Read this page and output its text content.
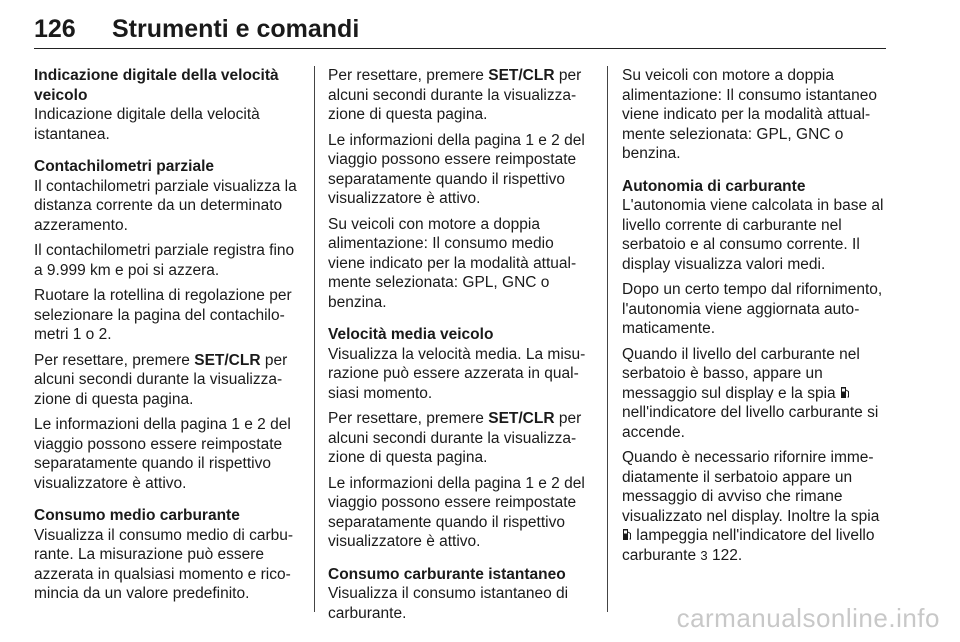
126	Strumenti e comandi
Indicazione digitale della velocità veicolo

Indicazione digitale della velocità istantanea.

Contachilometri parziale

Il contachilometri parziale visualizza la distanza corrente da un determinato azzeramento.

Il contachilometri parziale registra fino a 9.999 km e poi si azzera.

Ruotare la rotellina di regolazione per selezionare la pagina del contachilometri 1 o 2.

Per resettare, premere SET/CLR per alcuni secondi durante la visualizzazione di questa pagina.

Le informazioni della pagina 1 e 2 del viaggio possono essere reimpostate separatamente quando il rispettivo visualizzatore è attivo.

Consumo medio carburante

Visualizza il consumo medio di carburante. La misurazione può essere azzerata in qualsiasi momento e ricomincia da un valore predefinito.

Per resettare, premere SET/CLR per alcuni secondi durante la visualizzazione di questa pagina.

Le informazioni della pagina 1 e 2 del viaggio possono essere reimpostate separatamente quando il rispettivo visualizzatore è attivo.

Su veicoli con motore a doppia alimentazione: Il consumo medio viene indicato per la modalità attualmente selezionata: GPL, GNC o benzina.

Velocità media veicolo

Visualizza la velocità media. La misurazione può essere azzerata in qualsiasi momento.

Per resettare, premere SET/CLR per alcuni secondi durante la visualizzazione di questa pagina.

Le informazioni della pagina 1 e 2 del viaggio possono essere reimpostate separatamente quando il rispettivo visualizzatore è attivo.

Consumo carburante istantaneo

Visualizza il consumo istantaneo di carburante.

Su veicoli con motore a doppia alimentazione: Il consumo istantaneo viene indicato per la modalità attualmente selezionata: GPL, GNC o benzina.

Autonomia di carburante

L'autonomia viene calcolata in base al livello corrente di carburante nel serbatoio e al consumo corrente. Il display visualizza valori medi.

Dopo un certo tempo dal rifornimento, l'autonomia viene aggiornata automaticamente.

Quando il livello del carburante nel serbatoio è basso, appare un messaggio sul display e la spia  nell'indicatore del livello carburante si accende.

Quando è necessario rifornire immediatamente il serbatoio appare un messaggio di avviso che rimane visualizzato nel display. Inoltre la spia  lampeggia nell'indicatore del livello carburante 3 122.

carmanualsonline.info
